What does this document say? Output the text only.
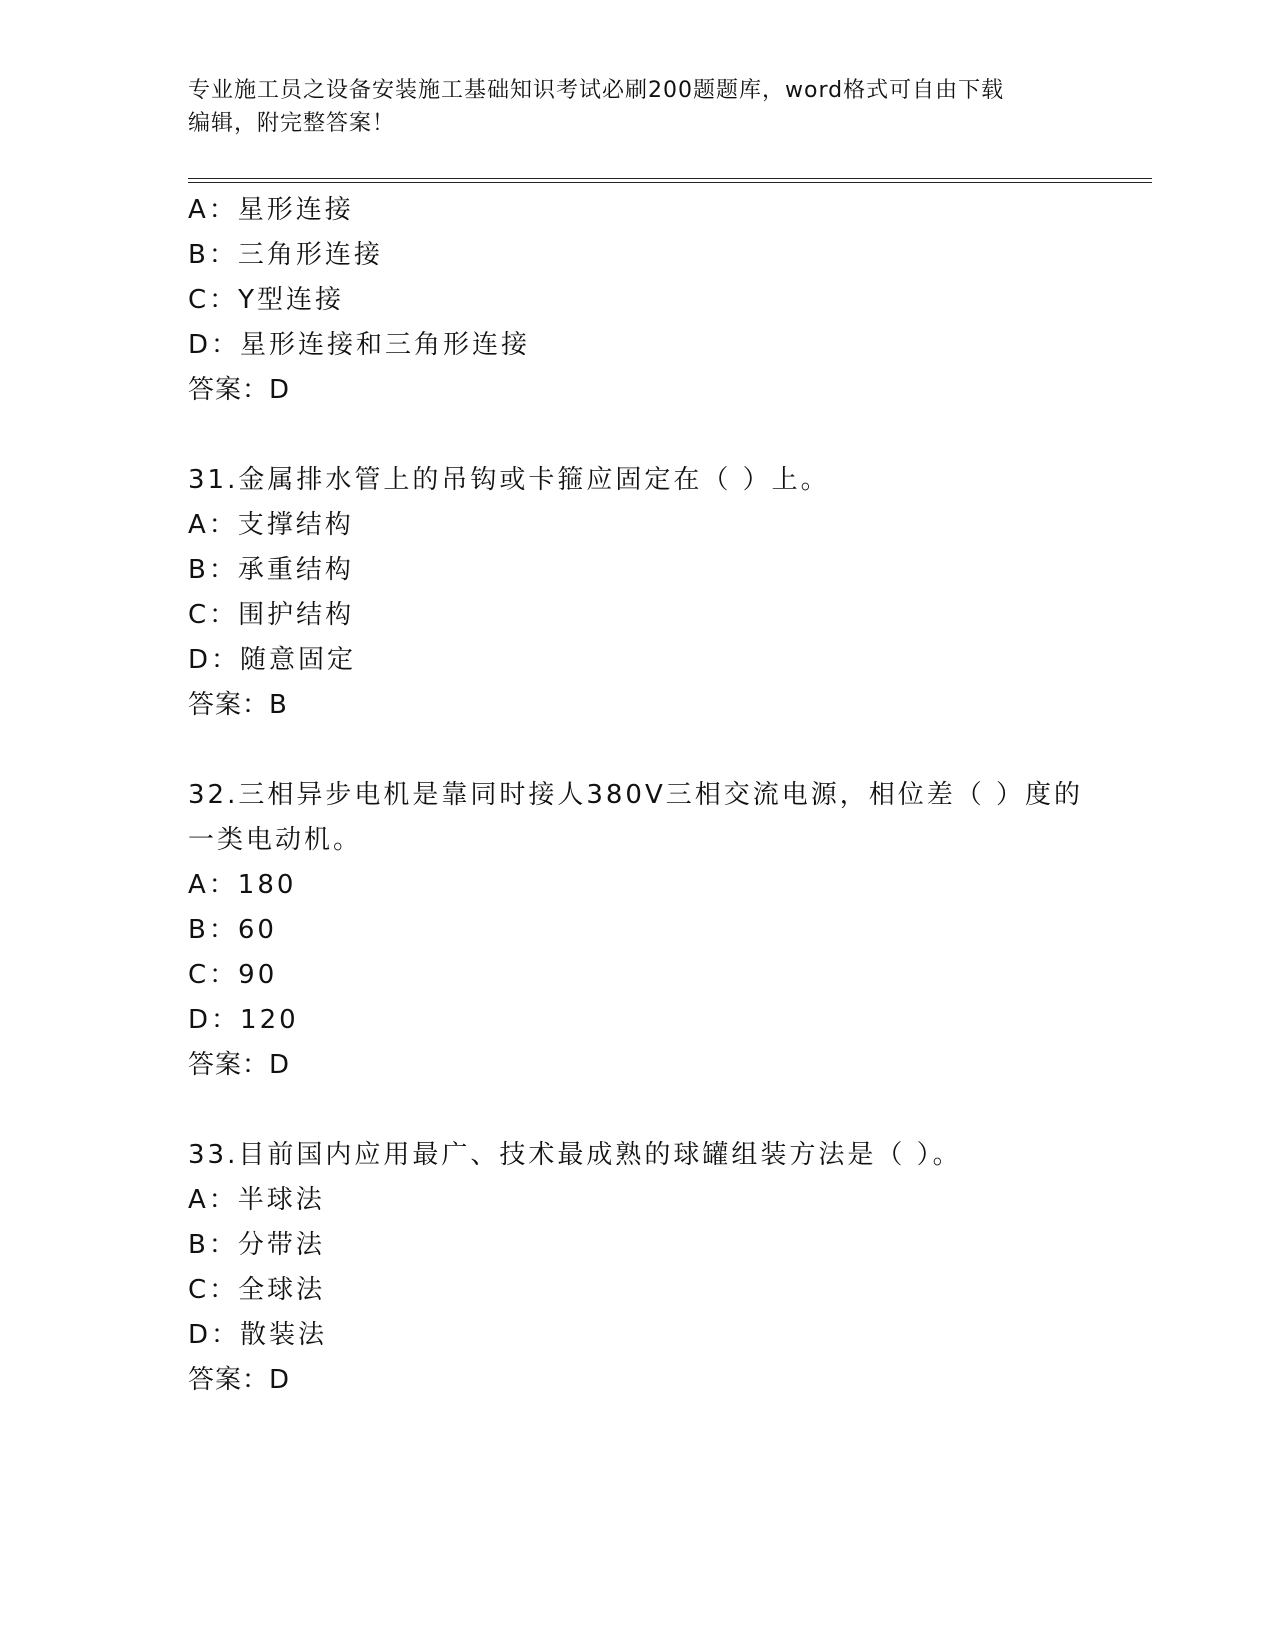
专业施工员之设备安装施工基础知识考试必刷200题题库，word格式可自由下载
编辑，附完整答案！
A：星形连接
B：三角形连接
C：Y型连接
D：星形连接和三角形连接
答案：D
31.金属排水管上的吊钩或卡箍应固定在（ ）上。
A：支撑结构
B：承重结构
C：围护结构
D：随意固定
答案：B
32.三相异步电机是靠同时接人380V三相交流电源，相位差（ ）度的一类电动机。
A：180
B：60
C：90
D：120
答案：D
33.目前国内应用最广、技术最成熟的球罐组装方法是（ ）。
A：半球法
B：分带法
C：全球法
D：散装法
答案：D
